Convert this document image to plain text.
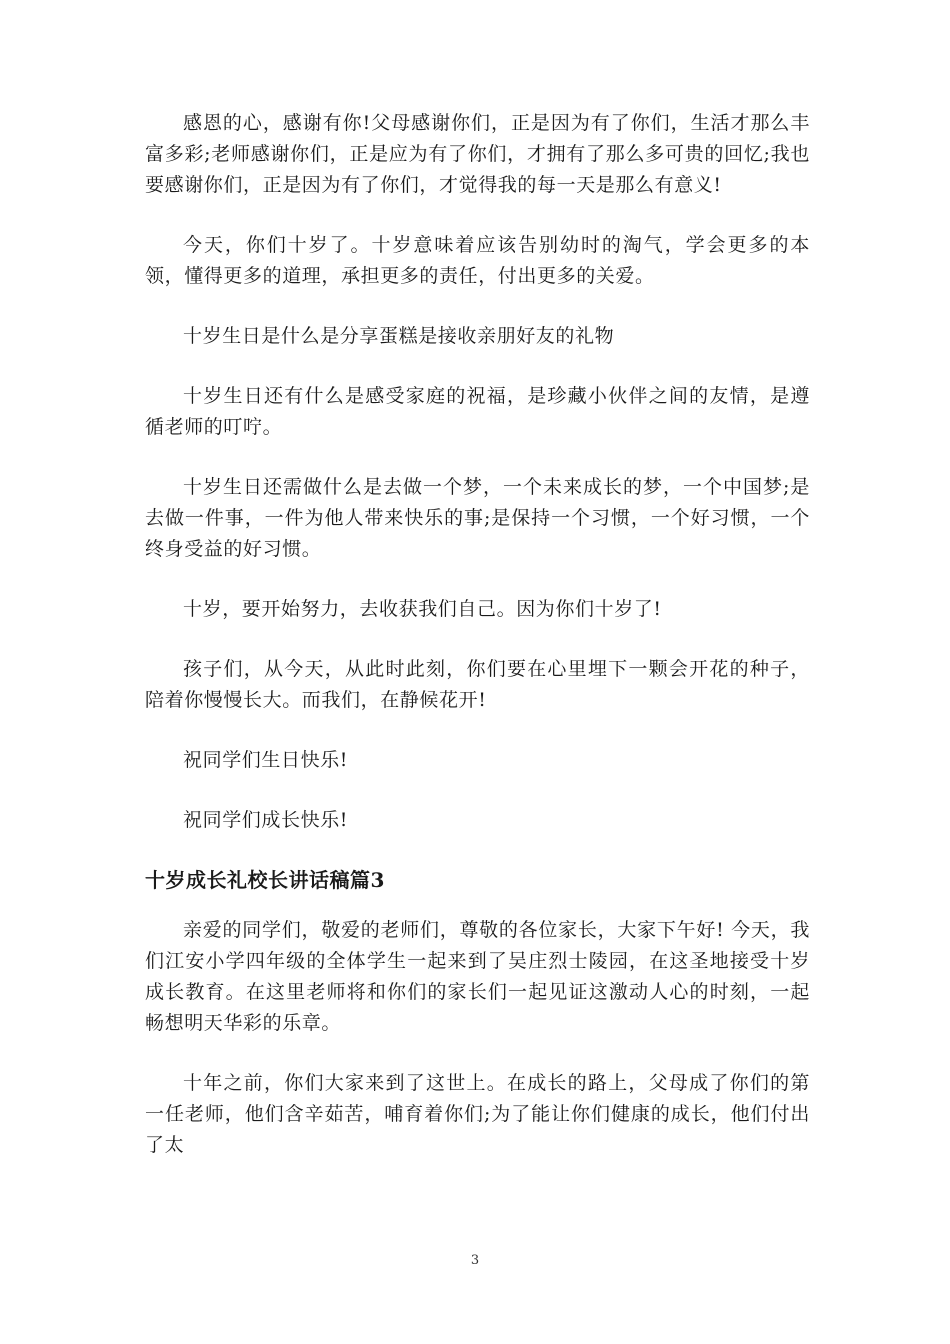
感恩的心，感谢有你!父母感谢你们，正是因为有了你们，生活才那么丰富多彩;老师感谢你们，正是应为有了你们，才拥有了那么多可贵的回忆;我也要感谢你们，正是因为有了你们，才觉得我的每一天是那么有意义!

今天，你们十岁了。十岁意味着应该告别幼时的淘气，学会更多的本领，懂得更多的道理，承担更多的责任，付出更多的关爱。

十岁生日是什么是分享蛋糕是接收亲朋好友的礼物

十岁生日还有什么是感受家庭的祝福，是珍藏小伙伴之间的友情，是遵循老师的叮咛。

十岁生日还需做什么是去做一个梦，一个未来成长的梦，一个中国梦;是去做一件事，一件为他人带来快乐的事;是保持一个习惯，一个好习惯，一个终身受益的好习惯。

十岁，要开始努力，去收获我们自己。因为你们十岁了!

孩子们，从今天，从此时此刻，你们要在心里埋下一颗会开花的种子，陪着你慢慢长大。而我们，在静候花开!

祝同学们生日快乐!

祝同学们成长快乐!

十岁成长礼校长讲话稿篇3

亲爱的同学们，敬爱的老师们，尊敬的各位家长，大家下午好! 今天，我们江安小学四年级的全体学生一起来到了吴庄烈士陵园，在这圣地接受十岁成长教育。在这里老师将和你们的家长们一起见证这激动人心的时刻，一起畅想明天华彩的乐章。

十年之前，你们大家来到了这世上。在成长的路上，父母成了你们的第一任老师，他们含辛茹苦，哺育着你们;为了能让你们健康的成长，他们付出了太

3
